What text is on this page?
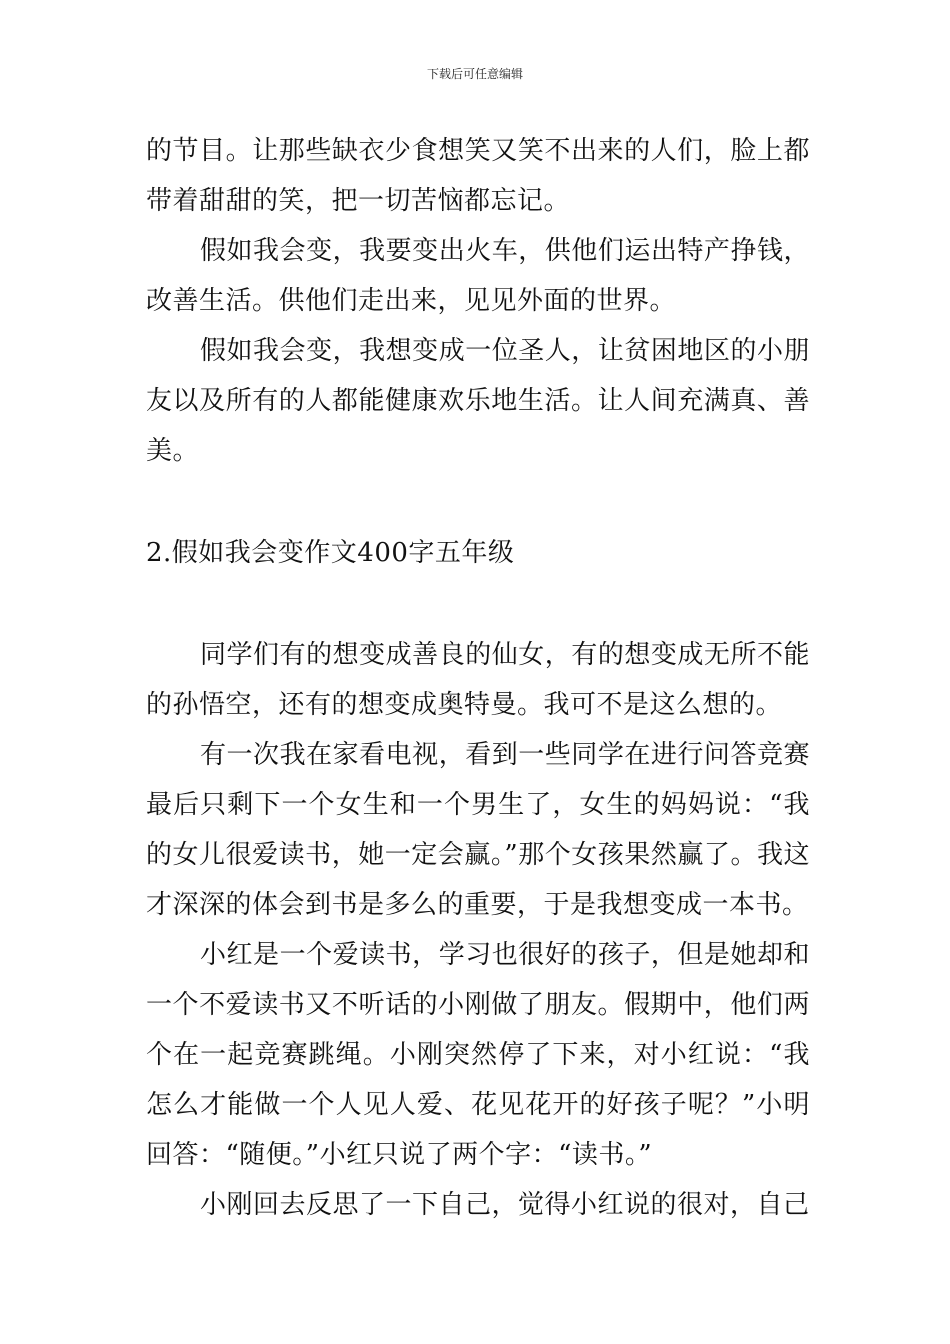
下载后可任意编辑

的节目。让那些缺衣少食想笑又笑不出来的人们，脸上都带着甜甜的笑，把一切苦恼都忘记。

假如我会变，我要变出火车，供他们运出特产挣钱，改善生活。供他们走出来，见见外面的世界。

假如我会变，我想变成一位圣人，让贫困地区的小朋友以及所有的人都能健康欢乐地生活。让人间充满真、善美。

2.假如我会变作文400字五年级

同学们有的想变成善良的仙女，有的想变成无所不能的孙悟空，还有的想变成奥特曼。我可不是这么想的。

有一次我在家看电视，看到一些同学在进行问答竞赛最后只剩下一个女生和一个男生了，女生的妈妈说：“我的女儿很爱读书，她一定会赢。”那个女孩果然赢了。我这才深深的体会到书是多么的重要，于是我想变成一本书。

小红是一个爱读书，学习也很好的孩子，但是她却和一个不爱读书又不听话的小刚做了朋友。假期中，他们两个在一起竞赛跳绳。小刚突然停了下来，对小红说：“我怎么才能做一个人见人爱、花见花开的好孩子呢？”小明回答：“随便。”小红只说了两个字：“读书。”

小刚回去反思了一下自己，觉得小红说的很对，自己
